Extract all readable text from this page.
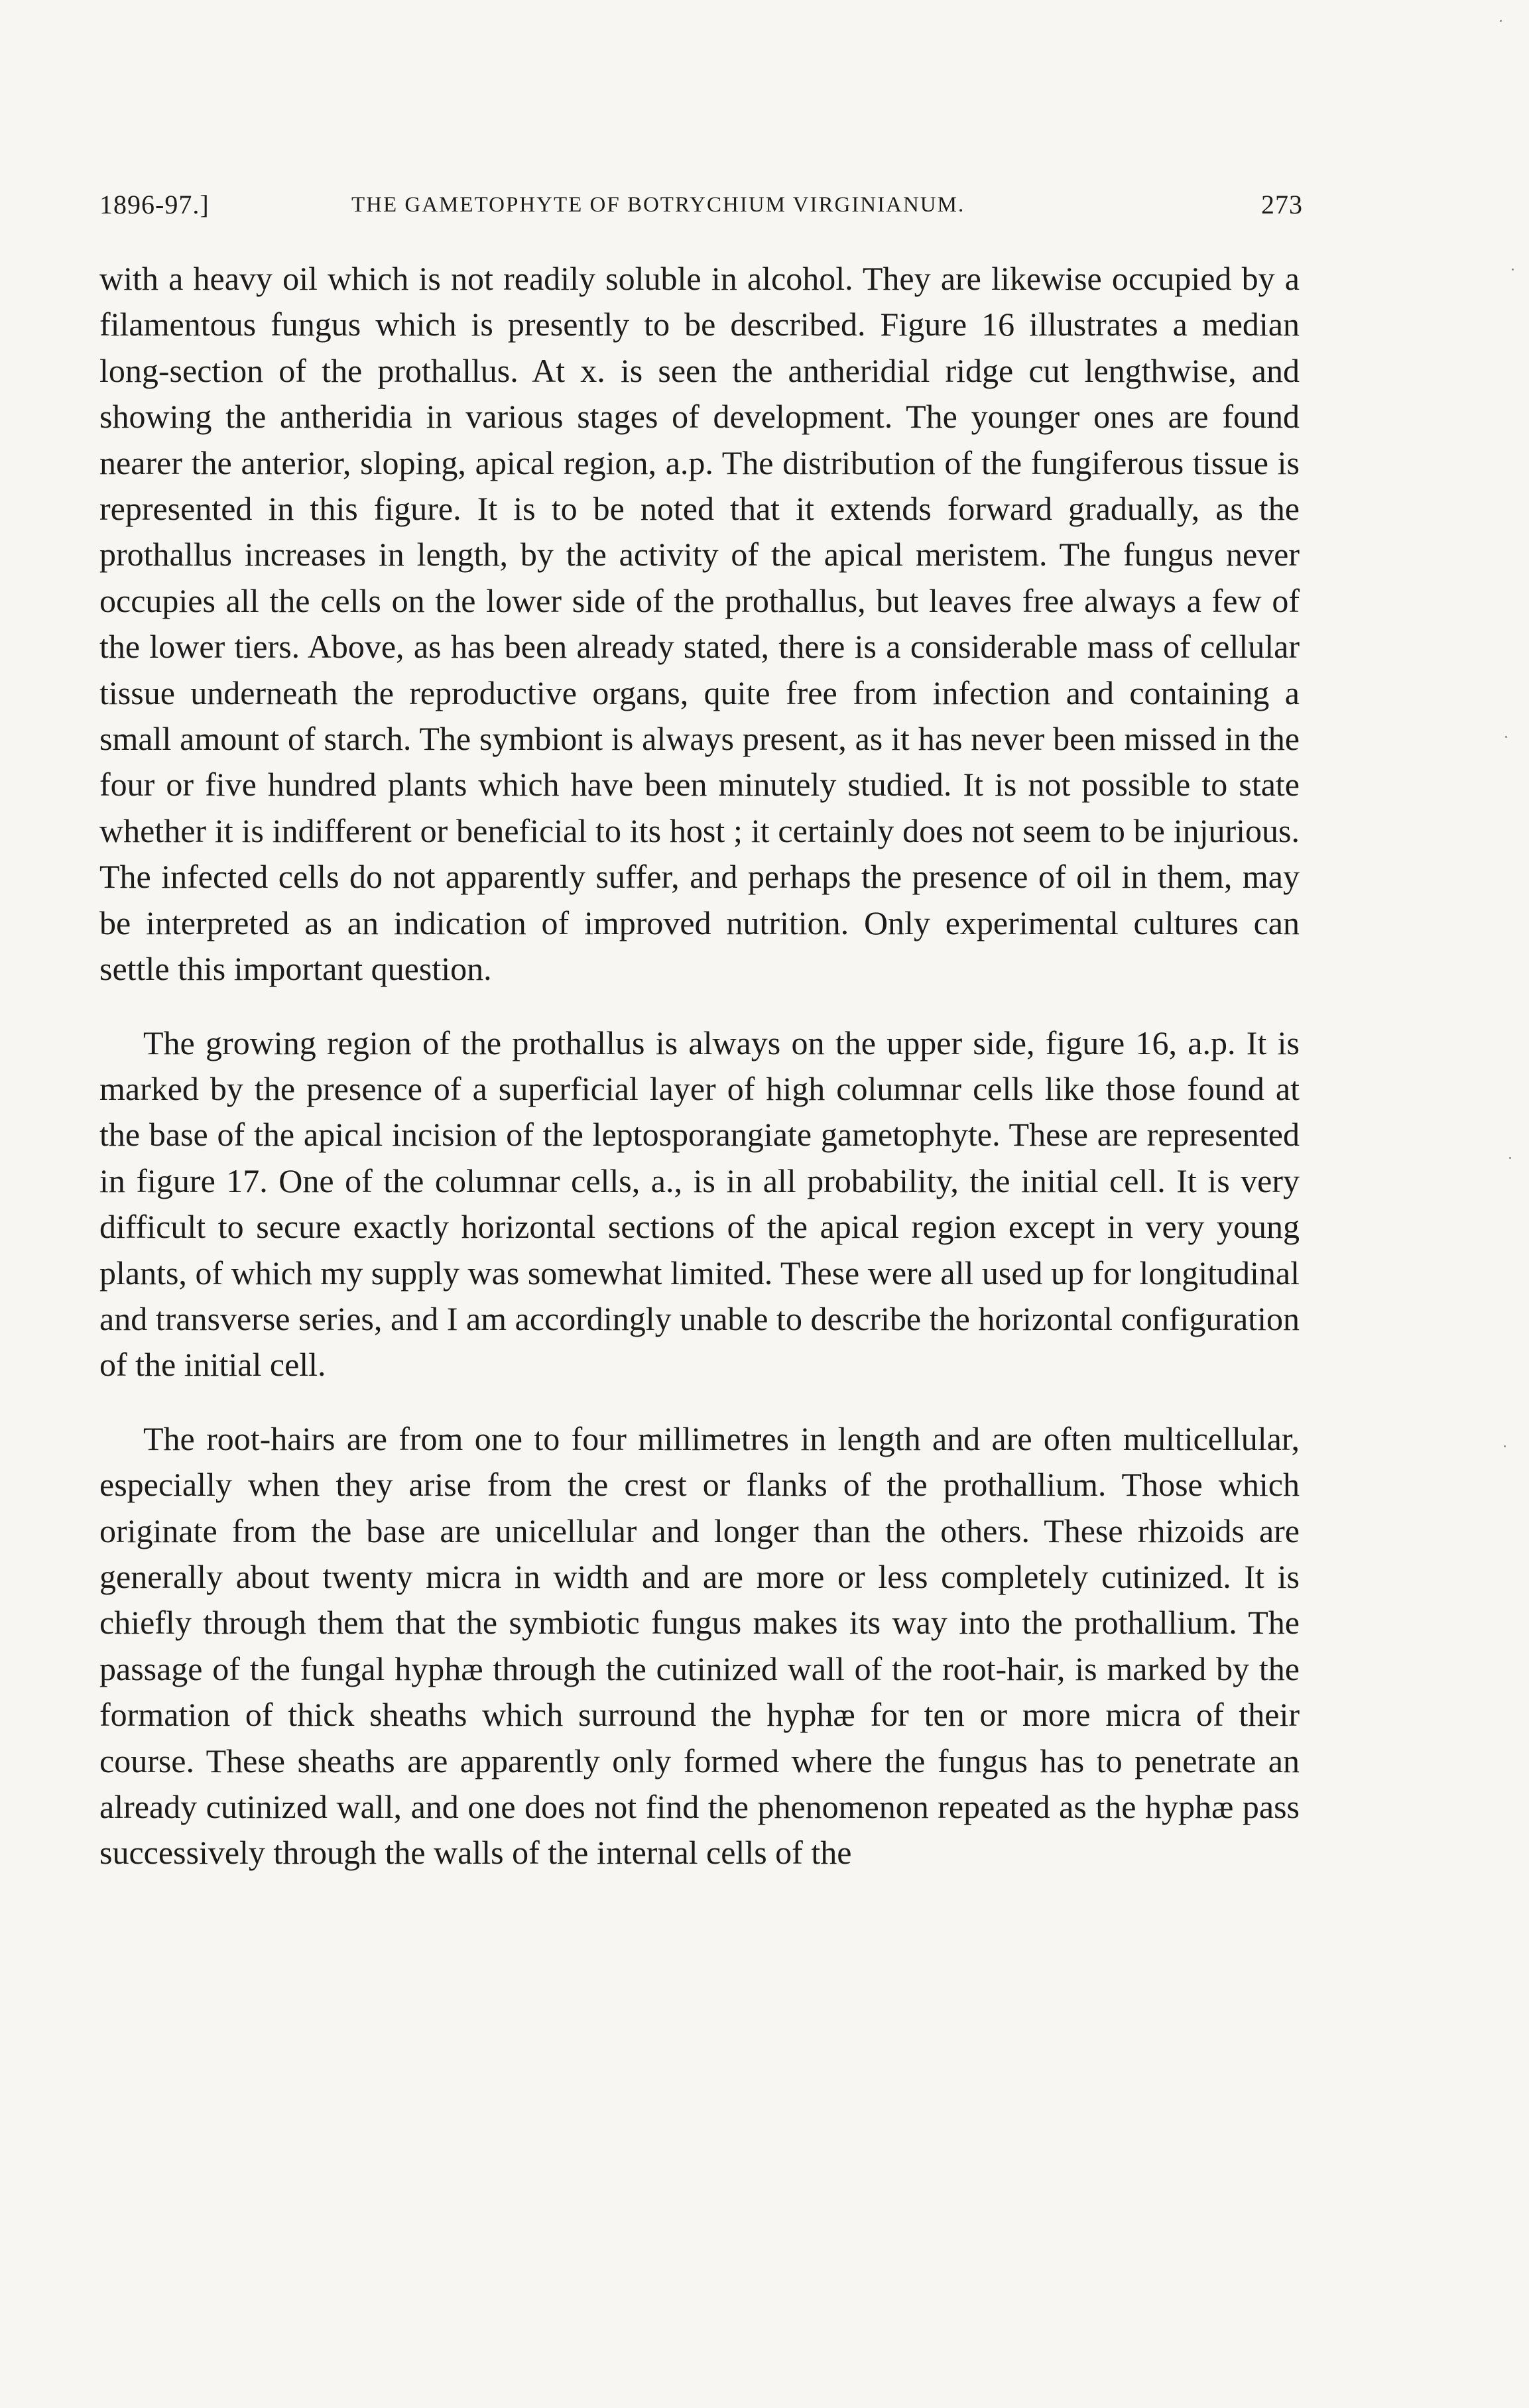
1896-97.]	THE GAMETOPHYTE OF BOTRYCHIUM VIRGINIANUM.	273

with a heavy oil which is not readily soluble in alcohol. They are likewise occupied by a filamentous fungus which is presently to be described. Figure 16 illustrates a median long-section of the prothallus. At x. is seen the antheridial ridge cut lengthwise, and showing the antheridia in various stages of development. The younger ones are found nearer the anterior, sloping, apical region, a.p. The distribution of the fungiferous tissue is represented in this figure. It is to be noted that it extends forward gradually, as the prothallus increases in length, by the activity of the apical meristem. The fungus never occupies all the cells on the lower side of the prothallus, but leaves free always a few of the lower tiers. Above, as has been already stated, there is a considerable mass of cellular tissue underneath the reproductive organs, quite free from infection and containing a small amount of starch. The symbiont is always present, as it has never been missed in the four or five hundred plants which have been minutely studied. It is not possible to state whether it is indifferent or beneficial to its host ; it certainly does not seem to be injurious. The infected cells do not apparently suffer, and perhaps the presence of oil in them, may be interpreted as an indication of improved nutrition. Only experimental cultures can settle this important question.

The growing region of the prothallus is always on the upper side, figure 16, a.p. It is marked by the presence of a superficial layer of high columnar cells like those found at the base of the apical incision of the leptosporangiate gametophyte. These are represented in figure 17. One of the columnar cells, a., is in all probability, the initial cell. It is very difficult to secure exactly horizontal sections of the apical region except in very young plants, of which my supply was somewhat limited. These were all used up for longitudinal and transverse series, and I am accordingly unable to describe the horizontal configuration of the initial cell.

The root-hairs are from one to four millimetres in length and are often multicellular, especially when they arise from the crest or flanks of the prothallium. Those which originate from the base are unicellular and longer than the others. These rhizoids are generally about twenty micra in width and are more or less completely cutinized. It is chiefly through them that the symbiotic fungus makes its way into the prothallium. The passage of the fungal hyphæ through the cutinized wall of the root-hair, is marked by the formation of thick sheaths which surround the hyphæ for ten or more micra of their course. These sheaths are apparently only formed where the fungus has to penetrate an already cutinized wall, and one does not find the phenomenon repeated as the hyphæ pass successively through the walls of the internal cells of the
